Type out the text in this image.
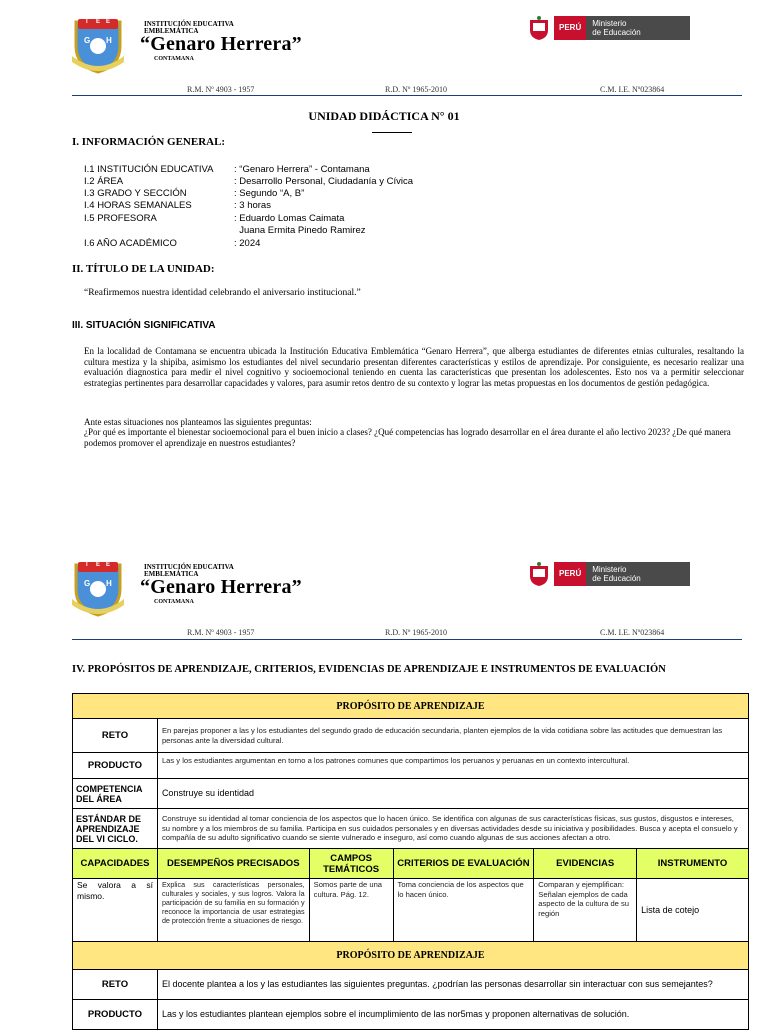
I E E
G H
INSTITUCIÓN EDUCATIVA
EMBLEMÁTICA
“Genaro Herrera”
CONTAMANA
PERÚ	Ministerio
de Educación
R.M. Nº 4903 - 1957	R.D. Nº 1965-2010	C.M. I.E. Nº023864
UNIDAD DIDÁCTICA N° 01
I. INFORMACIÓN GENERAL:
I.1 INSTITUCIÓN EDUCATIVA : “Genaro Herrera” - Contamana
I.2 ÁREA	: Desarrollo Personal, Ciudadanía y Cívica
I.3 GRADO Y SECCIÓN	: Segundo “A, B”
I.4 HORAS SEMANALES	: 3 horas
I.5 PROFESORA	: Eduardo Lomas Caimata
Juana Ermita Pinedo Ramirez
I.6 AÑO ACADÉMICO	: 2024
II. TÍTULO DE LA UNIDAD:
“Reafirmemos nuestra identidad celebrando el aniversario institucional.”
III. SITUACIÓN SIGNIFICATIVA
En la localidad de Contamana se encuentra ubicada la Institución Educativa Emblemática “Genaro Herrera”, que alberga estudiantes de diferentes etnias culturales, resaltando la cultura mestiza y la shipiba, asimismo los estudiantes del nivel secundario presentan diferentes características y estilos de aprendizaje. Por consiguiente, es necesario realizar una evaluación diagnostica para medir el nivel cognitivo y socioemocional teniendo en cuenta las características que presentan los adolescentes. Esto nos va a permitir seleccionar estrategias pertinentes para desarrollar capacidades y valores, para asumir retos dentro de su contexto y lograr las metas propuestas en los documentos de gestión pedagógica.
Ante estas situaciones nos planteamos las siguientes preguntas:
¿Por qué es importante el bienestar socioemocional para el buen inicio a clases? ¿Qué competencias has logrado desarrollar en el área durante el año lectivo 2023? ¿De qué manera podemos promover el aprendizaje en nuestros estudiantes?
I E E
G H
INSTITUCIÓN EDUCATIVA
EMBLEMÁTICA
“Genaro Herrera”
CONTAMANA
PERÚ	Ministerio
de Educación
R.M. Nº 4903 - 1957	R.D. Nº 1965-2010	C.M. I.E. Nº023864
IV. PROPÓSITOS DE APRENDIZAJE, CRITERIOS, EVIDENCIAS DE APRENDIZAJE E INSTRUMENTOS DE EVALUACIÓN
PROPÓSITO DE APRENDIZAJE					
RETO	En parejas proponer a las y los estudiantes del segundo grado de educación secundaria, planten ejemplos de la vida cotidiana sobre las actitudes que demuestran las personas ante la diversidad cultural.				
PRODUCTO	Las y los estudiantes argumentan en torno a los patrones comunes que compartimos los peruanos y peruanas en un contexto intercultural.				
COMPETENCIA DEL ÁREA	Construye su identidad				
ESTÁNDAR DE APRENDIZAJE DEL VI CICLO.	Construye su identidad al tomar conciencia de los aspectos que lo hacen único. Se identifica con algunas de sus características físicas, sus gustos, disgustos e intereses, su nombre y a los miembros de su familia. Participa en sus cuidados personales y en diversas actividades desde su iniciativa y posibilidades. Busca y acepta el consuelo y compañía de su adulto significativo cuando se siente vulnerado e inseguro, así como cuando algunas de sus acciones afectan a otro.				
CAPACIDADES	DESEMPEÑOS PRECISADOS	CAMPOS TEMÁTICOS	CRITERIOS DE EVALUACIÓN	EVIDENCIAS	INSTRUMENTO
Se valora a sí mismo.	Explica sus características personales, culturales y sociales, y sus logros. Valora la participación de su familia en su formación y reconoce la importancia de usar estrategias de protección frente a situaciones de riesgo.	Somos parte de una cultura. Pág. 12.	Toma conciencia de los aspectos que lo hacen único.	Comparan y ejemplifican: Señalan ejemplos de cada aspecto de la cultura de su región	Lista de cotejo
PROPÓSITO DE APRENDIZAJE					
RETO	El docente plantea a los y las estudiantes las siguientes preguntas. ¿podrían las personas desarrollar sin interactuar con sus semejantes?				
PRODUCTO	Las y los estudiantes plantean ejemplos sobre el incumplimiento de las nor5mas y proponen alternativas de solución.				
